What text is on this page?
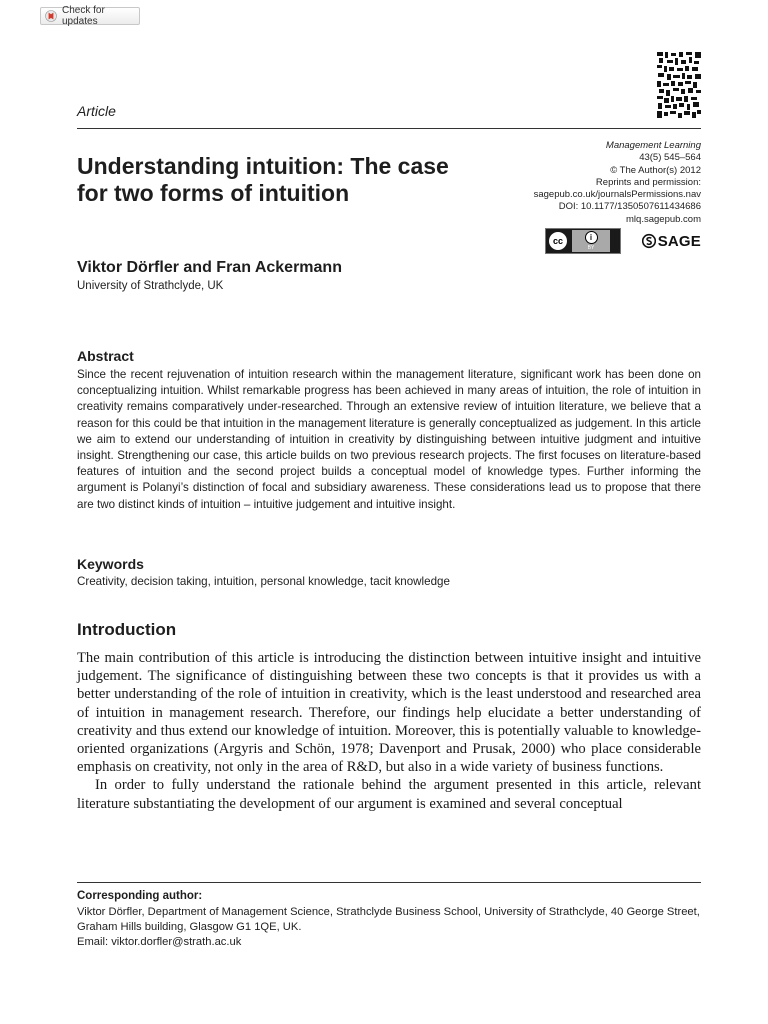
Check for updates
Article
Understanding intuition: The case for two forms of intuition
Management Learning
43(5) 545–564
© The Author(s) 2012
Reprints and permission:
sagepub.co.uk/journalsPermissions.nav
DOI: 10.1177/1350507611434686
mlq.sagepub.com
cc	i
BY	SAGE
Viktor Dörfler and Fran Ackermann
University of Strathclyde, UK
Abstract
Since the recent rejuvenation of intuition research within the management literature, significant work has been done on conceptualizing intuition. Whilst remarkable progress has been achieved in many areas of intuition, the role of intuition in creativity remains comparatively under-researched. Through an extensive review of intuition literature, we believe that a reason for this could be that intuition in the management literature is generally conceptualized as judgement. In this article we aim to extend our understanding of intuition in creativity by distinguishing between intuitive judgment and intuitive insight. Strengthening our case, this article builds on two previous research projects. The first focuses on literature-based features of intuition and the second project builds a conceptual model of knowledge types. Further informing the argument is Polanyi’s distinction of focal and subsidiary awareness. These considerations lead us to propose that there are two distinct kinds of intuition – intuitive judgement and intuitive insight.
Keywords
Creativity, decision taking, intuition, personal knowledge, tacit knowledge
Introduction

The main contribution of this article is introducing the distinction between intuitive insight and intuitive judgement. The significance of distinguishing between these two concepts is that it provides us with a better understanding of the role of intuition in creativity, which is the least understood and researched area of intuition in management research. Therefore, our findings help elucidate a better understanding of creativity and thus extend our knowledge of intuition. Moreover, this is potentially valuable to knowledge-oriented organizations (Argyris and Schön, 1978; Davenport and Prusak, 2000) who place considerable emphasis on creativity, not only in the area of R&D, but also in a wide variety of business functions.

In order to fully understand the rationale behind the argument presented in this article, relevant literature substantiating the development of our argument is examined and several conceptual

Corresponding author:
Viktor Dörfler, Department of Management Science, Strathclyde Business School, University of Strathclyde, 40 George Street, Graham Hills building, Glasgow G1 1QE, UK.
Email: viktor.dorfler@strath.ac.uk
